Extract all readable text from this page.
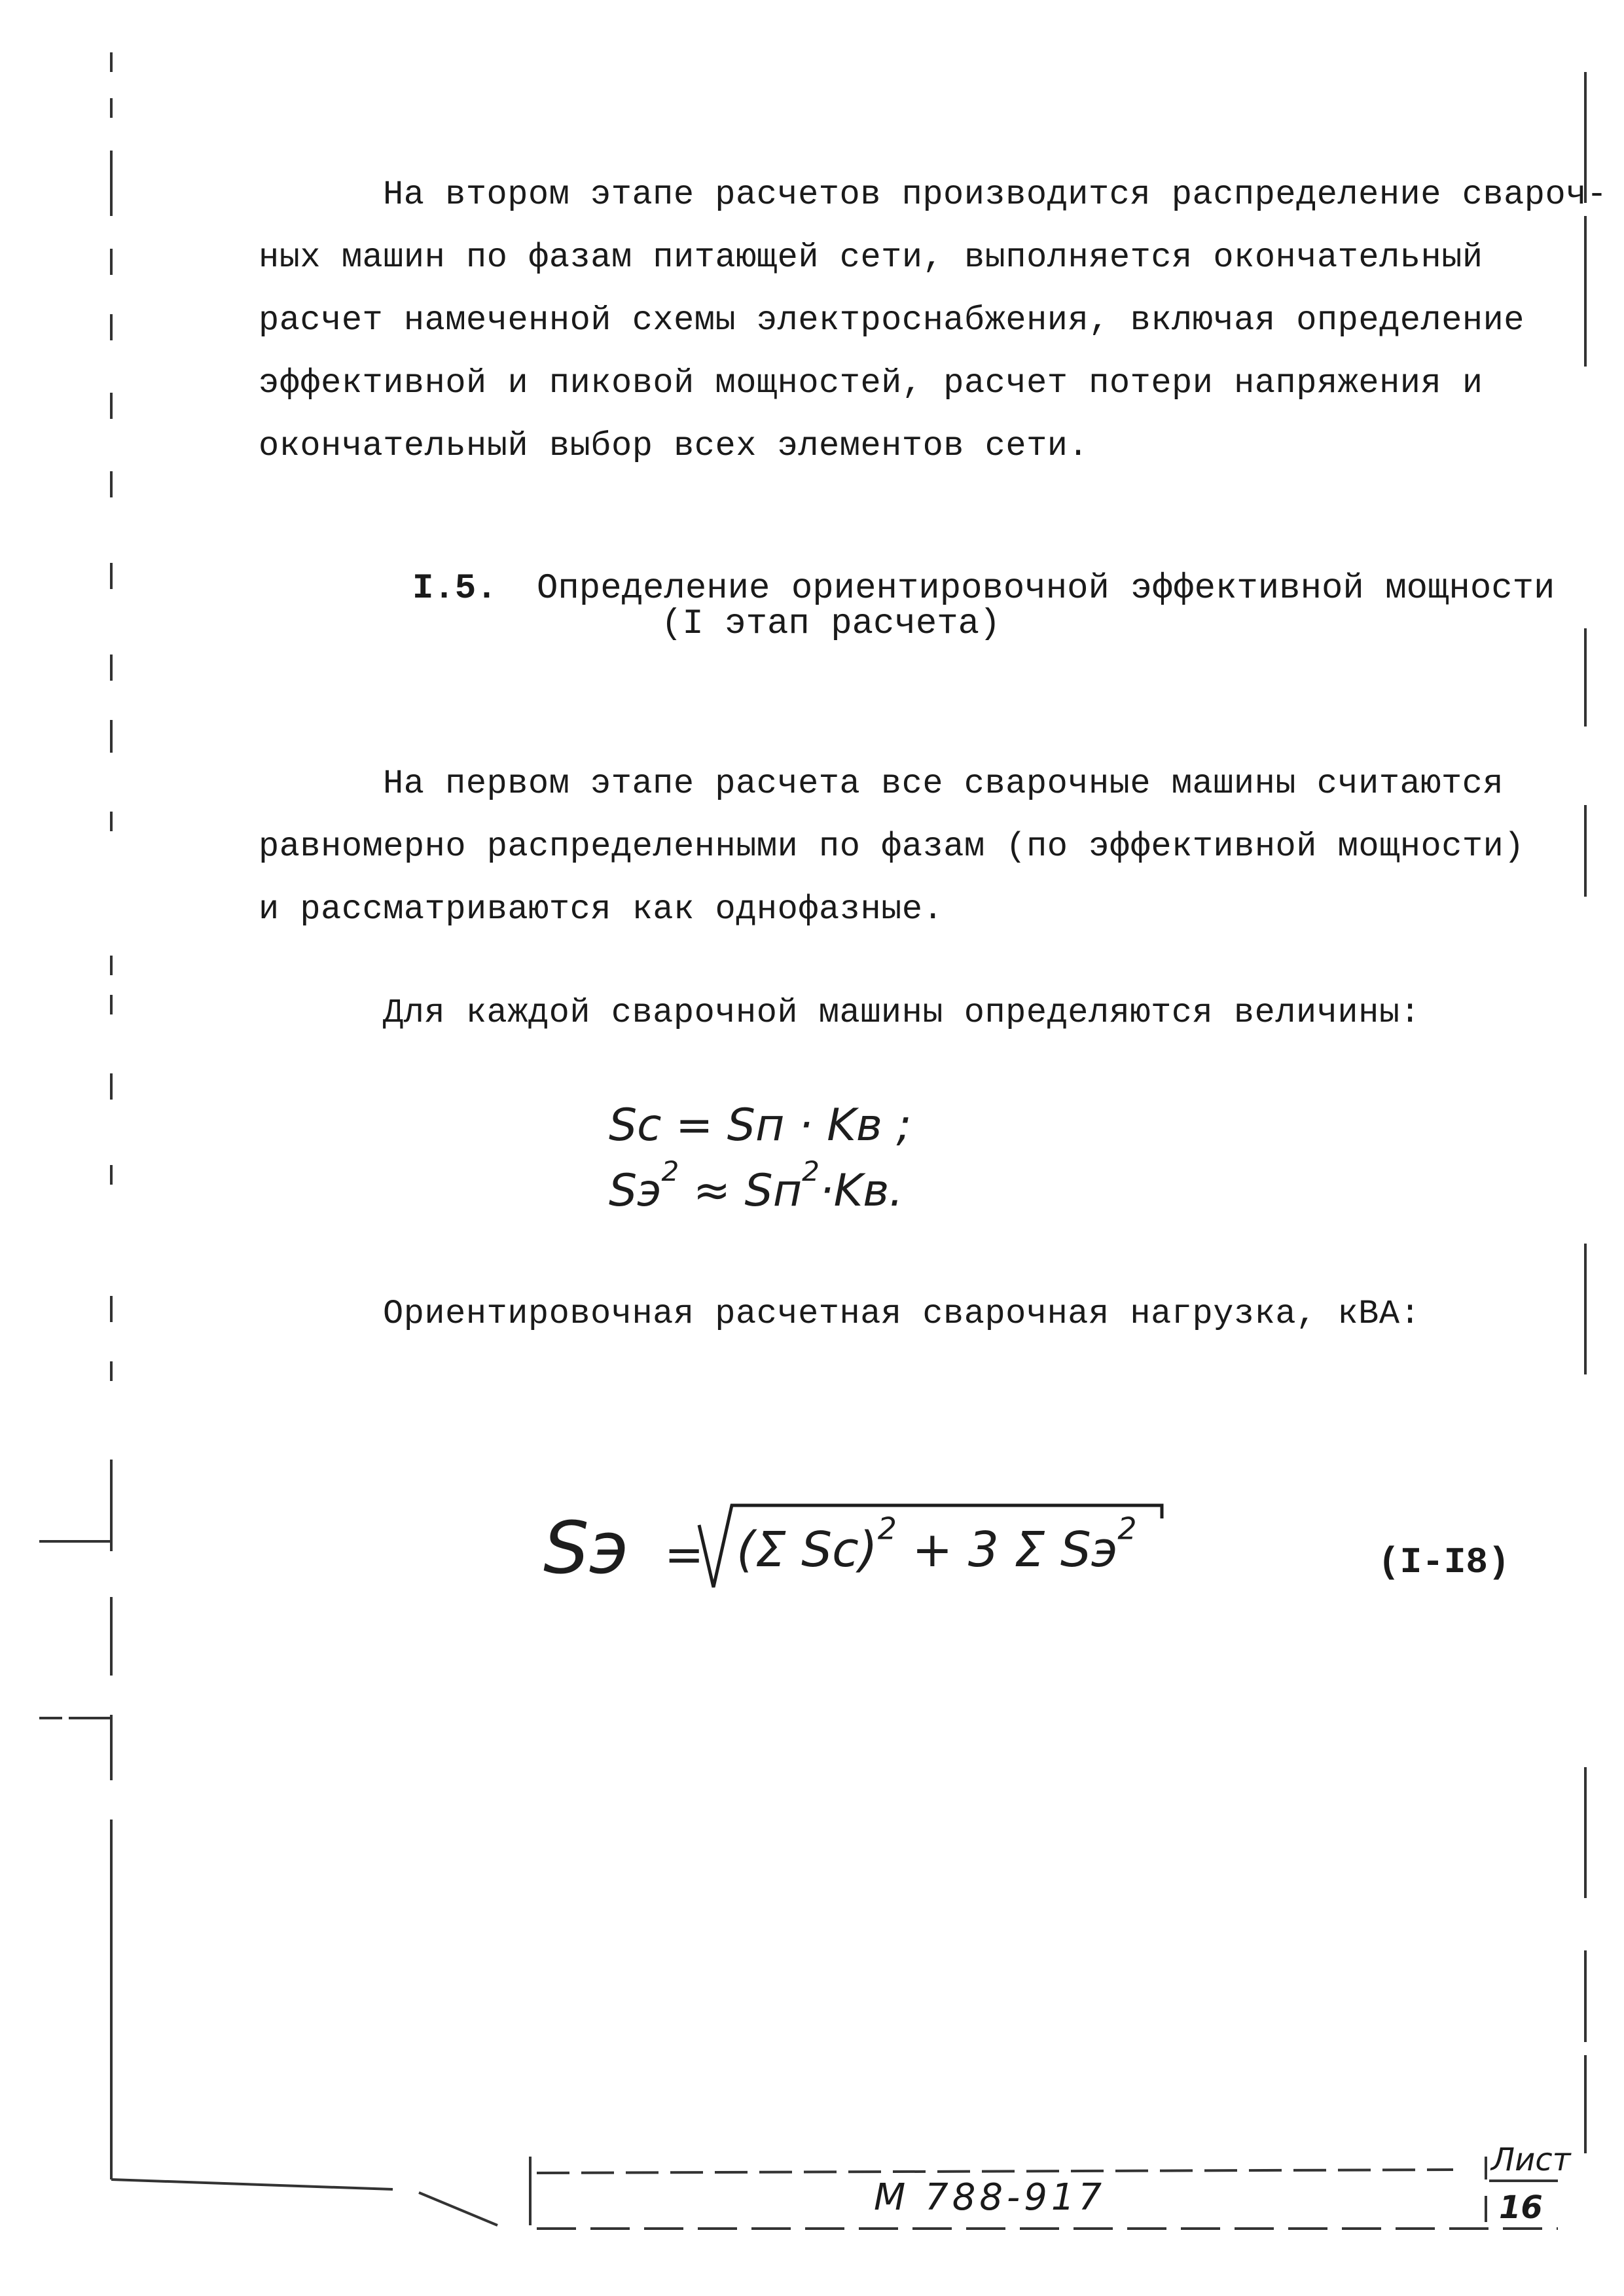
На втором этапе расчетов производится распределение свароч-
ных машин по фазам питающей сети, выполняется окончательный
расчет намеченной схемы электроснабжения, включая определение
эффективной и пиковой мощностей, расчет потери напряжения и
окончательный выбор всех элементов сети.
I.5. Определение ориентировочной эффективной мощности
(I этап расчета)
На первом этапе расчета все сварочные машины считаются
равномерно распределенными по фазам (по эффективной мощности)
и рассматриваются как однофазные.
Для каждой сварочной машины определяются величины:
Sc = Sп · Kв ;
$Sэ^2 \approx Sп^2\cdot Kв$.
Ориентировочная расчетная сварочная нагрузка, кВА:
Sэ = (Σ Sc)$^2$ + 3 Σ $Sэ^2$
(I-I8)
М 788-917
Лист
16
